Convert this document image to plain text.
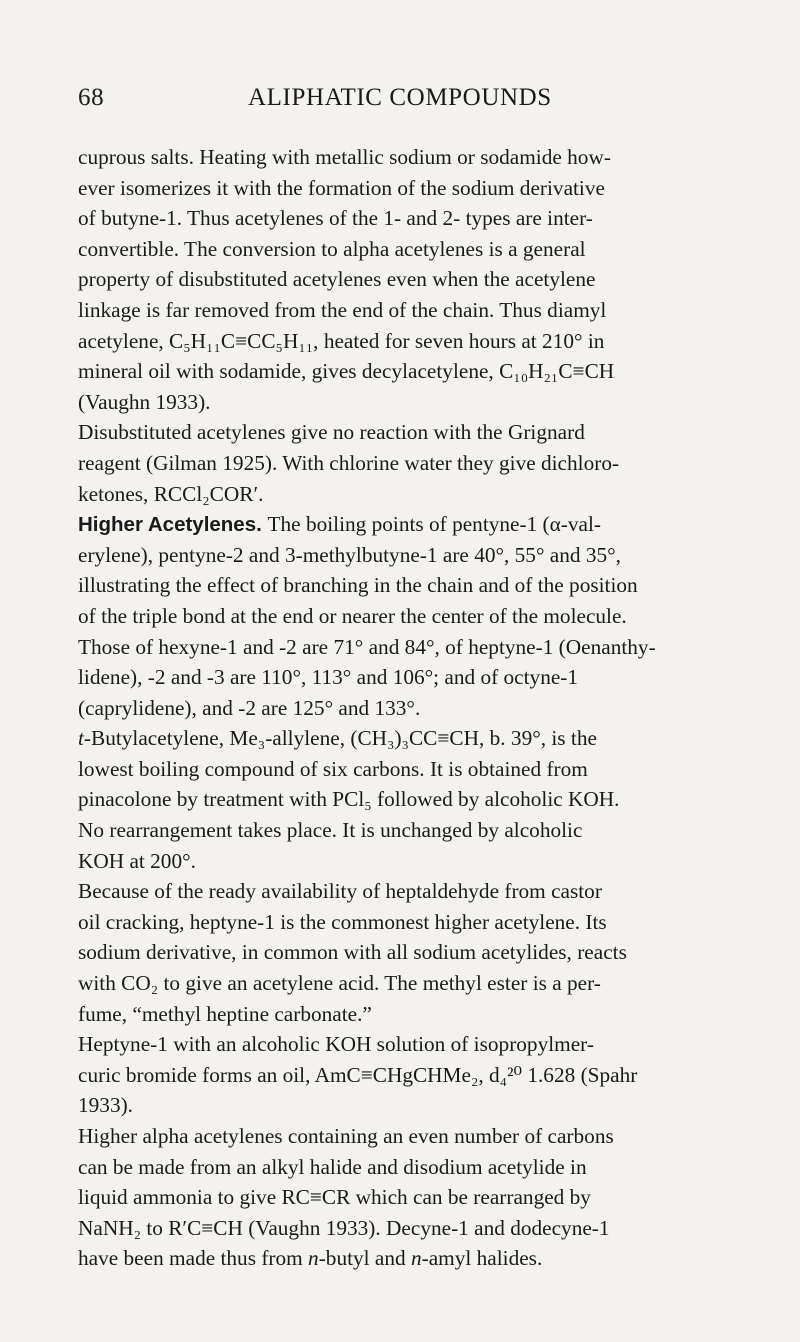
68	ALIPHATIC COMPOUNDS
cuprous salts. Heating with metallic sodium or sodamide how-
ever isomerizes it with the formation of the sodium derivative
of butyne-1. Thus acetylenes of the 1- and 2- types are inter-
convertible. The conversion to alpha acetylenes is a general
property of disubstituted acetylenes even when the acetylene
linkage is far removed from the end of the chain. Thus diamyl
acetylene, C₅H₁₁C≡CC₅H₁₁, heated for seven hours at 210° in
mineral oil with sodamide, gives decylacetylene, C₁₀H₂₁C≡CH
(Vaughn 1933).
Disubstituted acetylenes give no reaction with the Grignard
reagent (Gilman 1925). With chlorine water they give dichloro-
ketones, RCCl₂COR′.
Higher Acetylenes. The boiling points of pentyne-1 (α-val-
erylene), pentyne-2 and 3-methylbutyne-1 are 40°, 55° and 35°,
illustrating the effect of branching in the chain and of the position
of the triple bond at the end or nearer the center of the molecule.
Those of hexyne-1 and -2 are 71° and 84°, of heptyne-1 (Oenanthy-
lidene), -2 and -3 are 110°, 113° and 106°; and of octyne-1
(caprylidene), and -2 are 125° and 133°.
t-Butylacetylene, Me₃-allylene, (CH₃)₃CC≡CH, b. 39°, is the
lowest boiling compound of six carbons. It is obtained from
pinacolone by treatment with PCl₅ followed by alcoholic KOH.
No rearrangement takes place. It is unchanged by alcoholic
KOH at 200°.
Because of the ready availability of heptaldehyde from castor
oil cracking, heptyne-1 is the commonest higher acetylene. Its
sodium derivative, in common with all sodium acetylides, reacts
with CO₂ to give an acetylene acid. The methyl ester is a per-
fume, “methyl heptine carbonate.”
Heptyne-1 with an alcoholic KOH solution of isopropylmer-
curic bromide forms an oil, AmC≡CHgCHMe₂, d₄²⁰ 1.628 (Spahr
1933).
Higher alpha acetylenes containing an even number of carbons
can be made from an alkyl halide and disodium acetylide in
liquid ammonia to give RC≡CR which can be rearranged by
NaNH₂ to R′C≡CH (Vaughn 1933). Decyne-1 and dodecyne-1
have been made thus from n-butyl and n-amyl halides.
